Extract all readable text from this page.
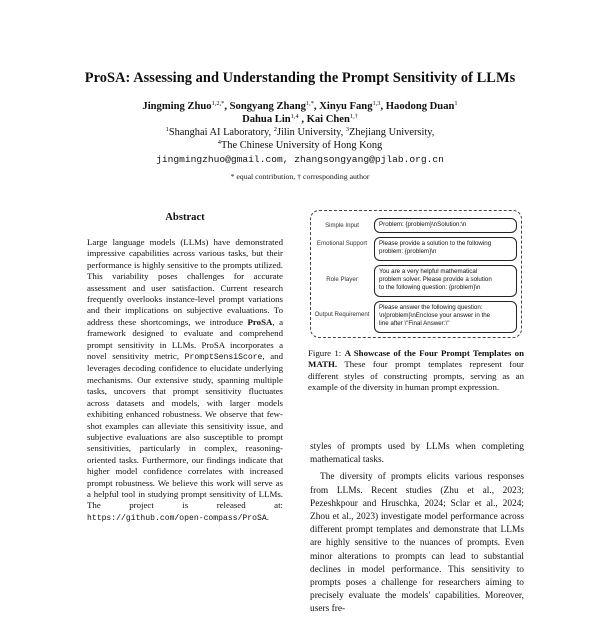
ProSA: Assessing and Understanding the Prompt Sensitivity of LLMs
Jingming Zhuo$^{1,2,*}$, Songyang Zhang$^{1,*}$, Xinyu Fang$^{1,3}$, Haodong Duan$^1$
Dahua Lin$^{1,4}$ , Kai Chen$^{1,\dagger}$
$^1$Shanghai AI Laboratory, $^2$Jilin University, $^3$Zhejiang University,
$^4$The Chinese University of Hong Kong
jingmingzhuo@gmail.com, zhangsongyang@pjlab.org.cn
* equal contribution, † corresponding author
Abstract
Large language models (LLMs) have demonstrated impressive capabilities across various tasks, but their performance is highly sensitive to the prompts utilized. This variability poses challenges for accurate assessment and user satisfaction. Current research frequently overlooks instance-level prompt variations and their implications on subjective evaluations. To address these shortcomings, we introduce ProSA, a framework designed to evaluate and comprehend prompt sensitivity in LLMs. ProSA incorporates a novel sensitivity metric, PromptSensiScore, and leverages decoding confidence to elucidate underlying mechanisms. Our extensive study, spanning multiple tasks, uncovers that prompt sensitivity fluctuates across datasets and models, with larger models exhibiting enhanced robustness. We observe that few-shot examples can alleviate this sensitivity issue, and subjective evaluations are also susceptible to prompt sensitivities, particularly in complex, reasoning-oriented tasks. Furthermore, our findings indicate that higher model confidence correlates with increased prompt robustness. We believe this work will serve as a helpful tool in studying prompt sensitivity of LLMs. The project is released at: https://github.com/open-compass/ProSA.
Simple Input	Problem: {problem}\nSolution:\n
Emotional Support	Please provide a solution to the following
problem: {problem}\n
Role Player
You are a very helpful mathematical
problem solver. Please provide a solution
to the following question: {problem}\n
Output Requirement
Please answer the following question:
\n{problem}\nEnclose your answer in the
line after \"Final Answer:\"
Figure 1: A Showcase of the Four Prompt Templates on MATH. These four prompt templates represent four different styles of constructing prompts, serving as an example of the diversity in human prompt expression.

styles of prompts used by LLMs when completing mathematical tasks.

The diversity of prompts elicits various responses from LLMs. Recent studies (Zhu et al., 2023; Pezeshkpour and Hruschka, 2024; Sclar et al., 2024; Zhou et al., 2023) investigate model performance across different prompt templates and demonstrate that LLMs are highly sensitive to the nuances of prompts. Even minor alterations to prompts can lead to substantial declines in model performance. This sensitivity to prompts poses a challenge for researchers aiming to precisely evaluate the models' capabilities. Moreover, users fre-
